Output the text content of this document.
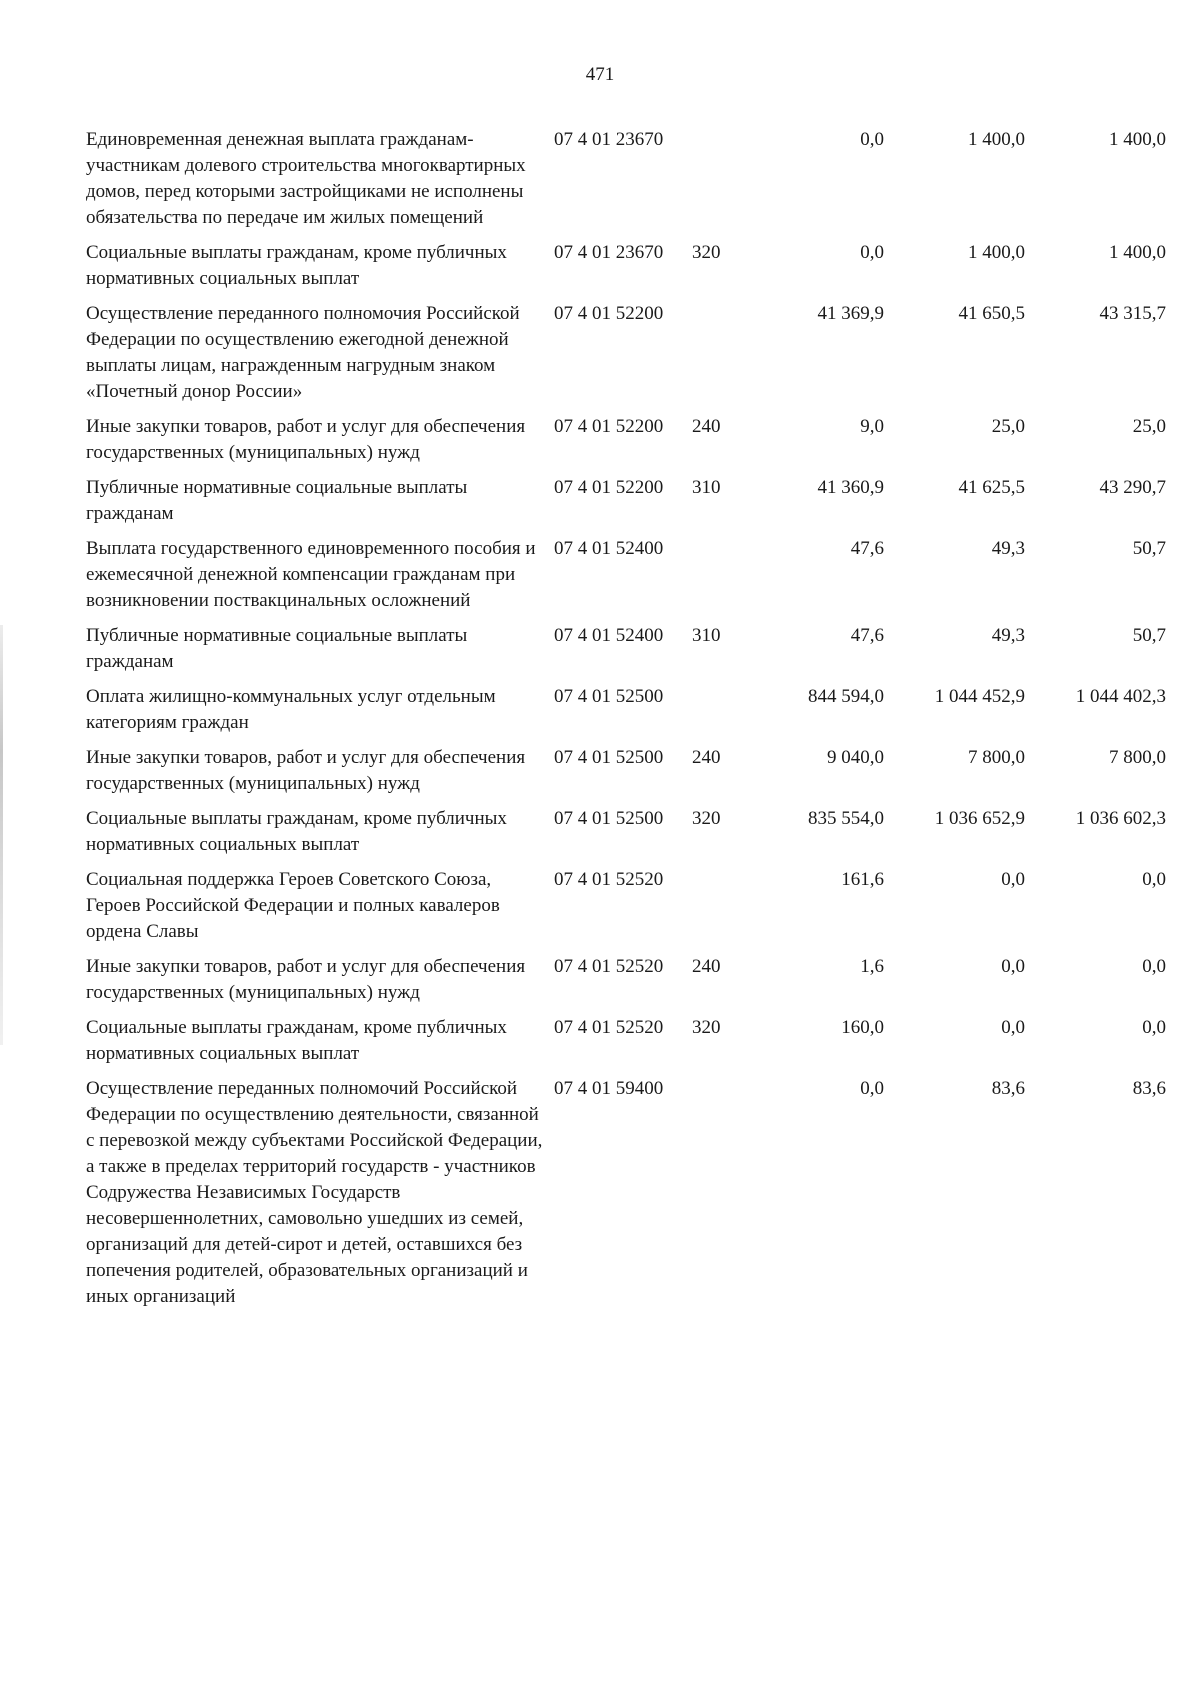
471
Единовременная денежная выплата гражданам-участникам долевого строительства многоквартирных домов, перед которыми застройщиками не исполнены обязательства по передаче им жилых помещений	07 4 01 23670		0,0	1 400,0	1 400,0
Социальные выплаты гражданам, кроме публичных нормативных социальных выплат	07 4 01 23670	320	0,0	1 400,0	1 400,0
Осуществление переданного полномочия Российской Федерации по осуществлению ежегодной денежной выплаты лицам, награжденным нагрудным знаком «Почетный донор России»	07 4 01 52200		41 369,9	41 650,5	43 315,7
Иные закупки товаров, работ и услуг для обеспечения государственных (муниципальных) нужд	07 4 01 52200	240	9,0	25,0	25,0
Публичные нормативные социальные выплаты гражданам	07 4 01 52200	310	41 360,9	41 625,5	43 290,7
Выплата государственного единовременного пособия и ежемесячной денежной компенсации гражданам при возникновении поствакцинальных осложнений	07 4 01 52400		47,6	49,3	50,7
Публичные нормативные социальные выплаты гражданам	07 4 01 52400	310	47,6	49,3	50,7
Оплата жилищно-коммунальных услуг отдельным категориям граждан	07 4 01 52500		844 594,0	1 044 452,9	1 044 402,3
Иные закупки товаров, работ и услуг для обеспечения государственных (муниципальных) нужд	07 4 01 52500	240	9 040,0	7 800,0	7 800,0
Социальные выплаты гражданам, кроме публичных нормативных социальных выплат	07 4 01 52500	320	835 554,0	1 036 652,9	1 036 602,3
Социальная поддержка Героев Советского Союза, Героев Российской Федерации и полных кавалеров ордена Славы	07 4 01 52520		161,6	0,0	0,0
Иные закупки товаров, работ и услуг для обеспечения государственных (муниципальных) нужд	07 4 01 52520	240	1,6	0,0	0,0
Социальные выплаты гражданам, кроме публичных нормативных социальных выплат	07 4 01 52520	320	160,0	0,0	0,0
Осуществление переданных полномочий Российской Федерации по осуществлению деятельности, связанной с перевозкой между субъектами Российской Федерации, а также в пределах территорий государств - участников Содружества Независимых Государств несовершеннолетних, самовольно ушедших из семей, организаций для детей-сирот и детей, оставшихся без попечения родителей, образовательных организаций и иных организаций	07 4 01 59400		0,0	83,6	83,6
